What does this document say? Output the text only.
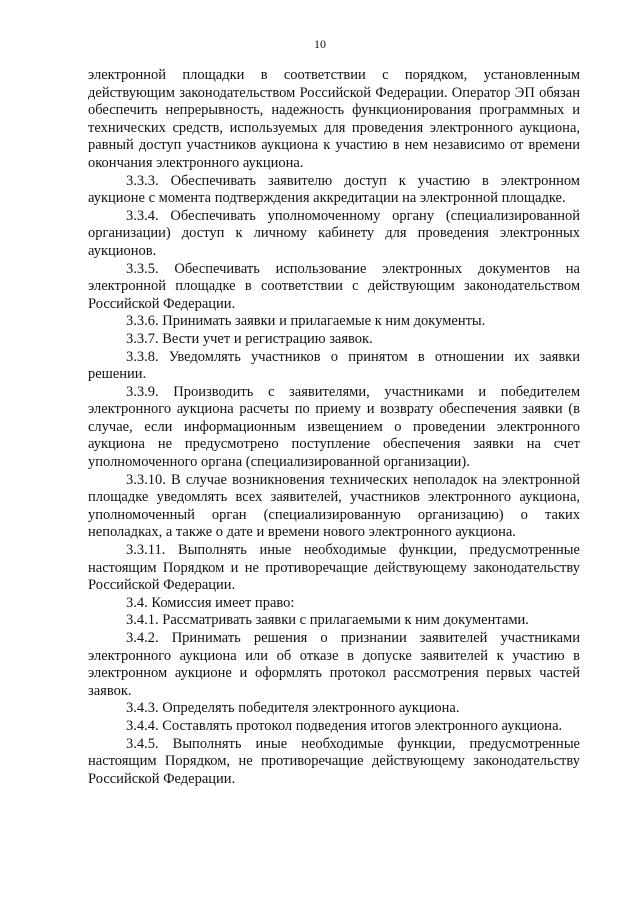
10

электронной площадки в соответствии с порядком, установленным действующим законодательством Российской Федерации. Оператор ЭП обязан обеспечить непрерывность, надежность функционирования программных и технических средств, используемых для проведения электронного аукциона, равный доступ участников аукциона к участию в нем независимо от времени окончания электронного аукциона.

3.3.3. Обеспечивать заявителю доступ к участию в электронном аукционе с момента подтверждения аккредитации на электронной площадке.

3.3.4. Обеспечивать уполномоченному органу (специализированной организации) доступ к личному кабинету для проведения электронных аукционов.

3.3.5. Обеспечивать использование электронных документов на электронной площадке в соответствии с действующим законодательством Российской Федерации.

3.3.6. Принимать заявки и прилагаемые к ним документы.

3.3.7. Вести учет и регистрацию заявок.

3.3.8. Уведомлять участников о принятом в отношении их заявки решении.

3.3.9. Производить с заявителями, участниками и победителем электронного аукциона расчеты по приему и возврату обеспечения заявки (в случае, если информационным извещением о проведении электронного аукциона не предусмотрено поступление обеспечения заявки на счет уполномоченного органа (специализированной организации).

3.3.10. В случае возникновения технических неполадок на электронной площадке уведомлять всех заявителей, участников электронного аукциона, уполномоченный орган (специализированную организацию) о таких неполадках, а также о дате и времени нового электронного аукциона.

3.3.11. Выполнять иные необходимые функции, предусмотренные настоящим Порядком и не противоречащие действующему законодательству Российской Федерации.

3.4. Комиссия имеет право:

3.4.1. Рассматривать заявки с прилагаемыми к ним документами.

3.4.2. Принимать решения о признании заявителей участниками электронного аукциона или об отказе в допуске заявителей к участию в электронном аукционе и оформлять протокол рассмотрения первых частей заявок.

3.4.3. Определять победителя электронного аукциона.

3.4.4. Составлять протокол подведения итогов электронного аукциона.

3.4.5. Выполнять иные необходимые функции, предусмотренные настоящим Порядком, не противоречащие действующему законодательству Российской Федерации.
